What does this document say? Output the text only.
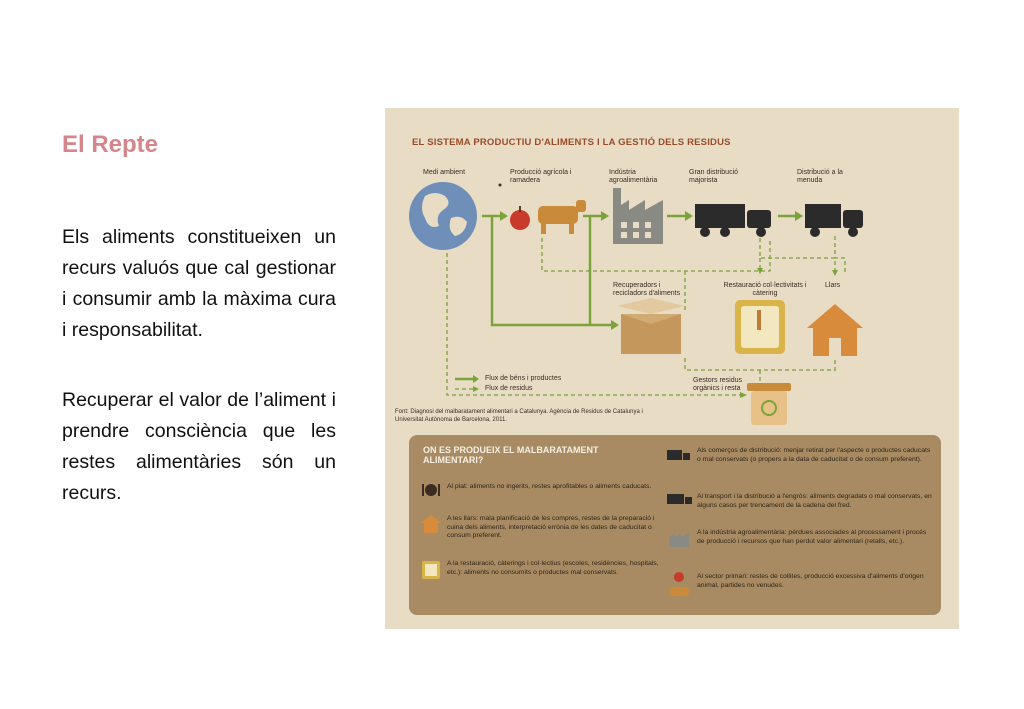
El Repte
Els aliments constitueixen un recurs valuós que cal gestionar i consumir amb la màxima cura i responsabilitat.
Recuperar el valor de l’aliment i prendre consciència que les restes alimentàries són un recurs.
EL SISTEMA PRODUCTIU D'ALIMENTS I LA GESTIÓ DELS RESIDUS
Medi ambient	Producció agrícola i ramadera
Indústria agroalimentària
Gran distribució majorista
Distribució a la menuda
Recuperadors i recicladors d'aliments
Restauració col·lectivitats i càtering
Llars
Gestors residus orgànics i resta
Flux de béns i productes
Flux de residus
Font: Diagnosi del malbaratament alimentari a Catalunya. Agència de Residus de Catalunya i Universitat Autònoma de Barcelona, 2011.
ON ES PRODUEIX EL MALBARATAMENT ALIMENTARI?
Al plat: aliments no ingerits, restes aprofitables o aliments caducats.
A les llars: mala planificació de les compres, restes de la preparació i cuina dels aliments, interpretació errònia de les dates de caducitat o consum preferent.
A la restauració, càterings i col·lectius (escoles, residències, hospitals, etc.): aliments no consumits o productes mal conservats.
Als comerços de distribució: menjar retirat per l'aspecte o productes caducats o mal conservats (o propers a la data de caducitat o de consum preferent).
Al transport i la distribució a l'engròs: aliments degradats o mal conservats, en alguns casos per trencament de la cadena del fred.
A la indústria agroalimentària: pèrdues associades al processament i procés de producció i recursos que han perdut valor alimentari (retalls, etc.).
Al sector primari: restes de collites, producció excessiva d'aliments d'origen animal, partides no venudes.
